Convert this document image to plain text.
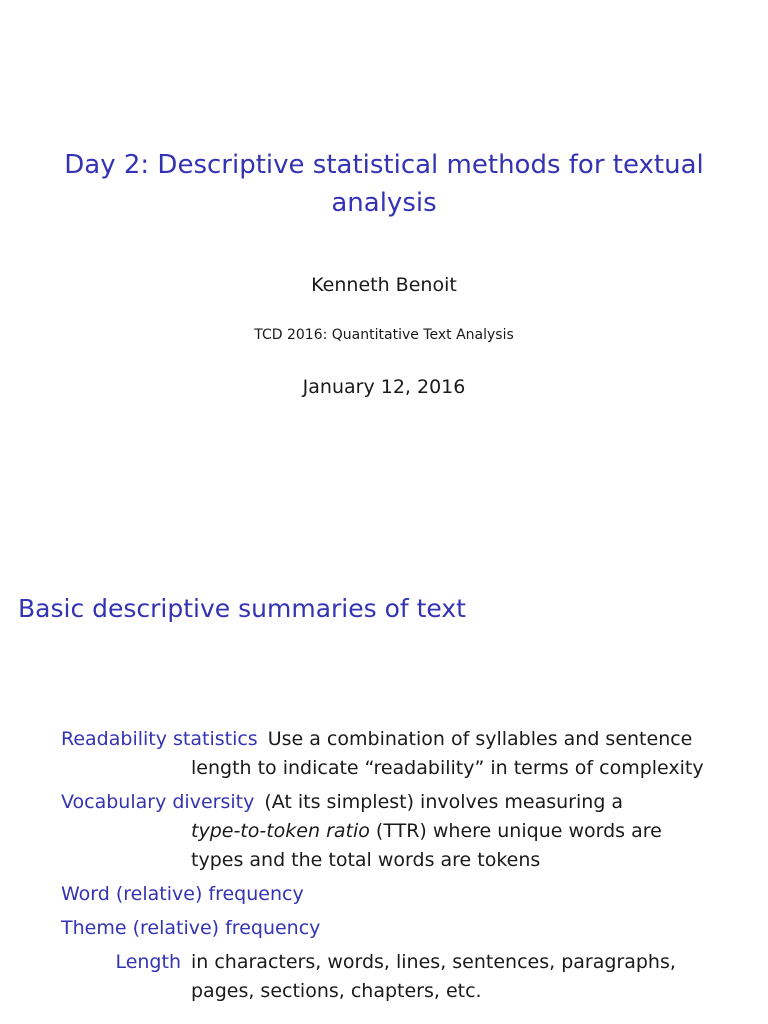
Day 2: Descriptive statistical methods for textual
analysis
Kenneth Benoit
TCD 2016: Quantitative Text Analysis
January 12, 2016
Basic descriptive summaries of text
Readability statistics Use a combination of syllables and sentence
length to indicate “readability” in terms of complexity
Vocabulary diversity (At its simplest) involves measuring a
type-to-token ratio (TTR) where unique words are
types and the total words are tokens
Word (relative) frequency
Theme (relative) frequency
Length in characters, words, lines, sentences, paragraphs,
pages, sections, chapters, etc.
